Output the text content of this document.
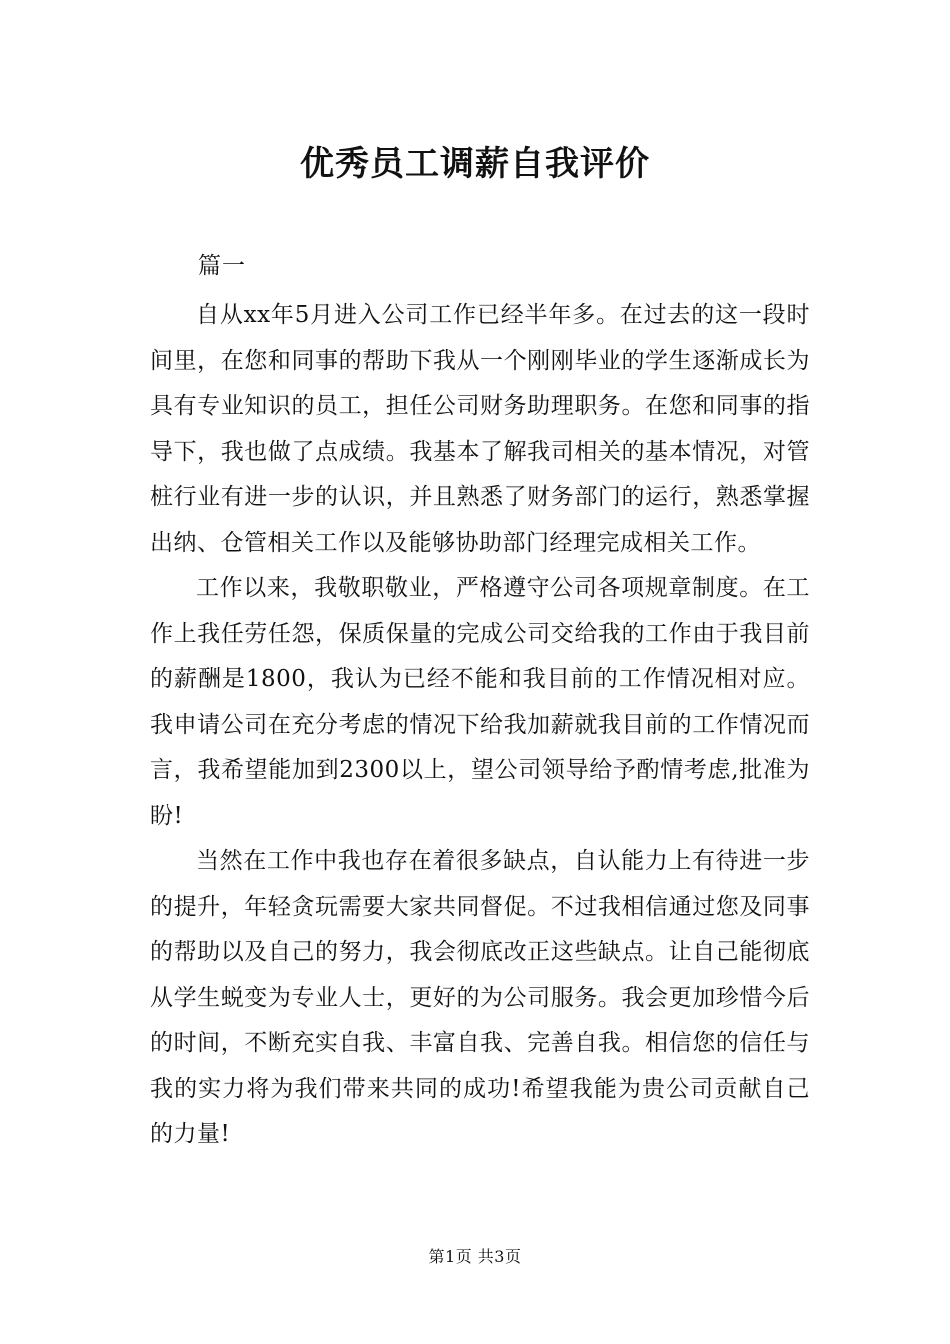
优秀员工调薪自我评价
篇一

自从xx年5月进入公司工作已经半年多。在过去的这一段时间里，在您和同事的帮助下我从一个刚刚毕业的学生逐渐成长为具有专业知识的员工，担任公司财务助理职务。在您和同事的指导下，我也做了点成绩。我基本了解我司相关的基本情况，对管桩行业有进一步的认识，并且熟悉了财务部门的运行，熟悉掌握出纳、仓管相关工作以及能够协助部门经理完成相关工作。

工作以来，我敬职敬业，严格遵守公司各项规章制度。在工作上我任劳任怨，保质保量的完成公司交给我的工作由于我目前的薪酬是1800，我认为已经不能和我目前的工作情况相对应。我申请公司在充分考虑的情况下给我加薪就我目前的工作情况而言，我希望能加到2300以上，望公司领导给予酌情考虑,批准为盼!

当然在工作中我也存在着很多缺点，自认能力上有待进一步的提升，年轻贪玩需要大家共同督促。不过我相信通过您及同事的帮助以及自己的努力，我会彻底改正这些缺点。让自己能彻底从学生蜕变为专业人士，更好的为公司服务。我会更加珍惜今后的时间，不断充实自我、丰富自我、完善自我。相信您的信任与我的实力将为我们带来共同的成功!希望我能为贵公司贡献自己的力量!

第1页 共3页
